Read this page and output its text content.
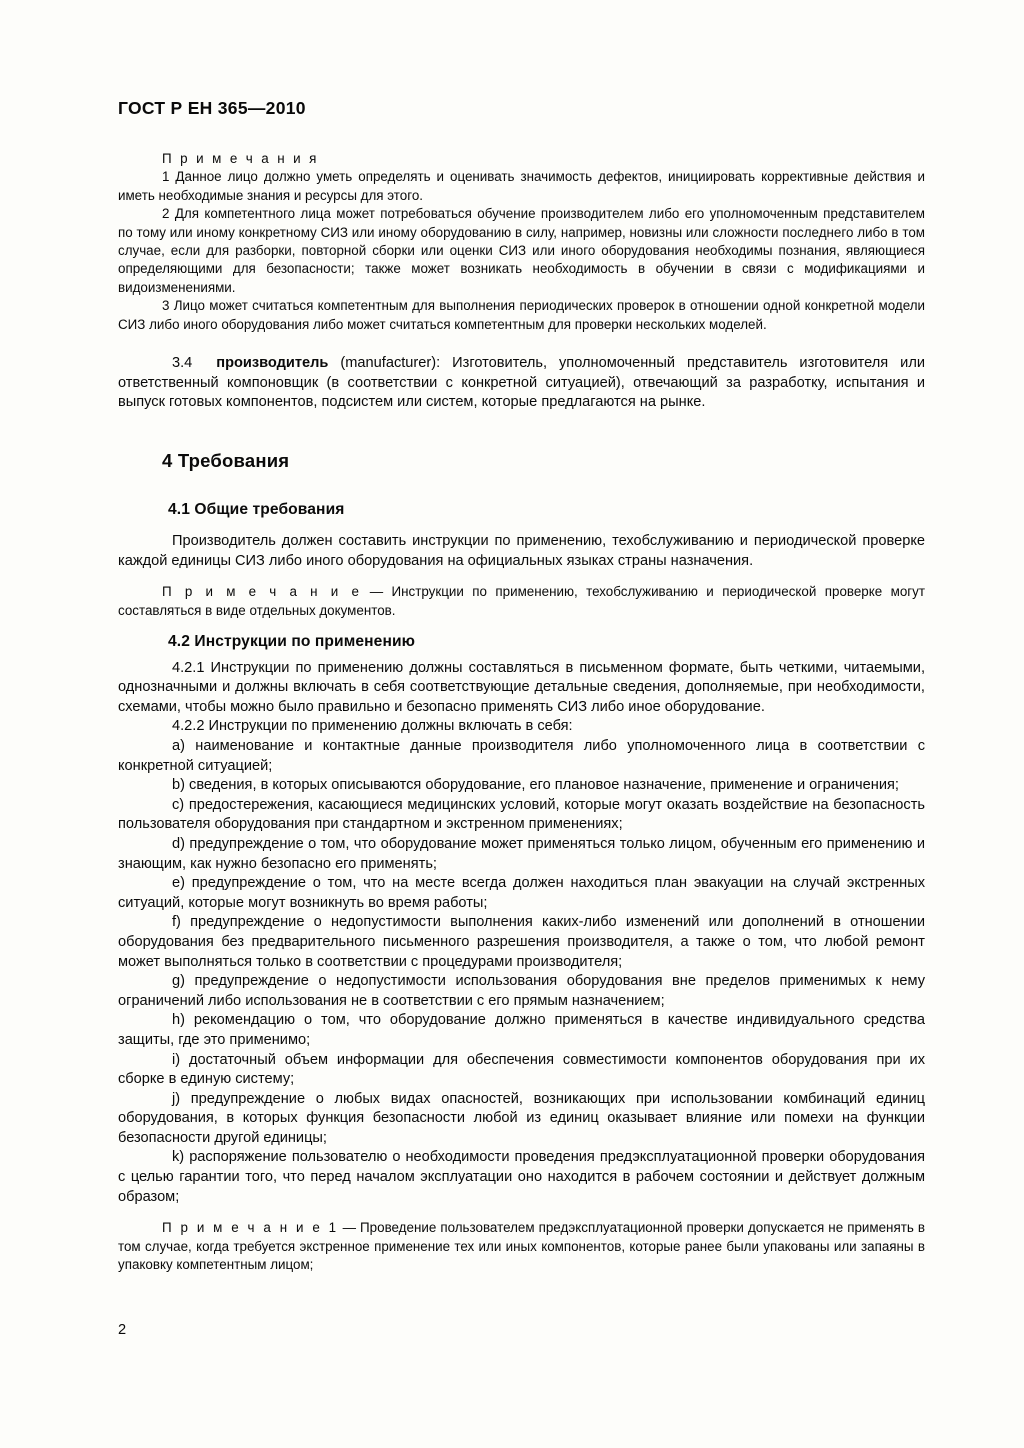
ГОСТ Р ЕН 365—2010

П р и м е ч а н и я

1 Данное лицо должно уметь определять и оценивать значимость дефектов, инициировать коррективные действия и иметь необходимые знания и ресурсы для этого.

2 Для компетентного лица может потребоваться обучение производителем либо его уполномоченным представителем по тому или иному конкретному СИЗ или иному оборудованию в силу, например, новизны или сложности последнего либо в том случае, если для разборки, повторной сборки или оценки СИЗ или иного оборудования необходимы познания, являющиеся определяющими для безопасности; также может возникать необходимость в обучении в связи с модификациями и видоизменениями.

3 Лицо может считаться компетентным для выполнения периодических проверок в отношении одной конкретной модели СИЗ либо иного оборудования либо может считаться компетентным для проверки нескольких моделей.

3.4 производитель (manufacturer): Изготовитель, уполномоченный представитель изготовителя или ответственный компоновщик (в соответствии с конкретной ситуацией), отвечающий за разработку, испытания и выпуск готовых компонентов, подсистем или систем, которые предлагаются на рынке.

4 Требования

4.1 Общие требования

Производитель должен составить инструкции по применению, техобслуживанию и периодической проверке каждой единицы СИЗ либо иного оборудования на официальных языках страны назначения.

П р и м е ч а н и е — Инструкции по применению, техобслуживанию и периодической проверке могут составляться в виде отдельных документов.

4.2 Инструкции по применению

4.2.1 Инструкции по применению должны составляться в письменном формате, быть четкими, читаемыми, однозначными и должны включать в себя соответствующие детальные сведения, дополняемые, при необходимости, схемами, чтобы можно было правильно и безопасно применять СИЗ либо иное оборудование.

4.2.2 Инструкции по применению должны включать в себя:

a) наименование и контактные данные производителя либо уполномоченного лица в соответствии с конкретной ситуацией;

b) сведения, в которых описываются оборудование, его плановое назначение, применение и ограничения;

c) предостережения, касающиеся медицинских условий, которые могут оказать воздействие на безопасность пользователя оборудования при стандартном и экстренном применениях;

d) предупреждение о том, что оборудование может применяться только лицом, обученным его применению и знающим, как нужно безопасно его применять;

e) предупреждение о том, что на месте всегда должен находиться план эвакуации на случай экстренных ситуаций, которые могут возникнуть во время работы;

f) предупреждение о недопустимости выполнения каких-либо изменений или дополнений в отношении оборудования без предварительного письменного разрешения производителя, а также о том, что любой ремонт может выполняться только в соответствии с процедурами производителя;

g) предупреждение о недопустимости использования оборудования вне пределов применимых к нему ограничений либо использования не в соответствии с его прямым назначением;

h) рекомендацию о том, что оборудование должно применяться в качестве индивидуального средства защиты, где это применимо;

i) достаточный объем информации для обеспечения совместимости компонентов оборудования при их сборке в единую систему;

j) предупреждение о любых видах опасностей, возникающих при использовании комбинаций единиц оборудования, в которых функция безопасности любой из единиц оказывает влияние или помехи на функции безопасности другой единицы;

k) распоряжение пользователю о необходимости проведения предэксплуатационной проверки оборудования с целью гарантии того, что перед началом эксплуатации оно находится в рабочем состоянии и действует должным образом;

П р и м е ч а н и е 1 — Проведение пользователем предэксплуатационной проверки допускается не применять в том случае, когда требуется экстренное применение тех или иных компонентов, которые ранее были упакованы или запаяны в упаковку компетентным лицом;

2
